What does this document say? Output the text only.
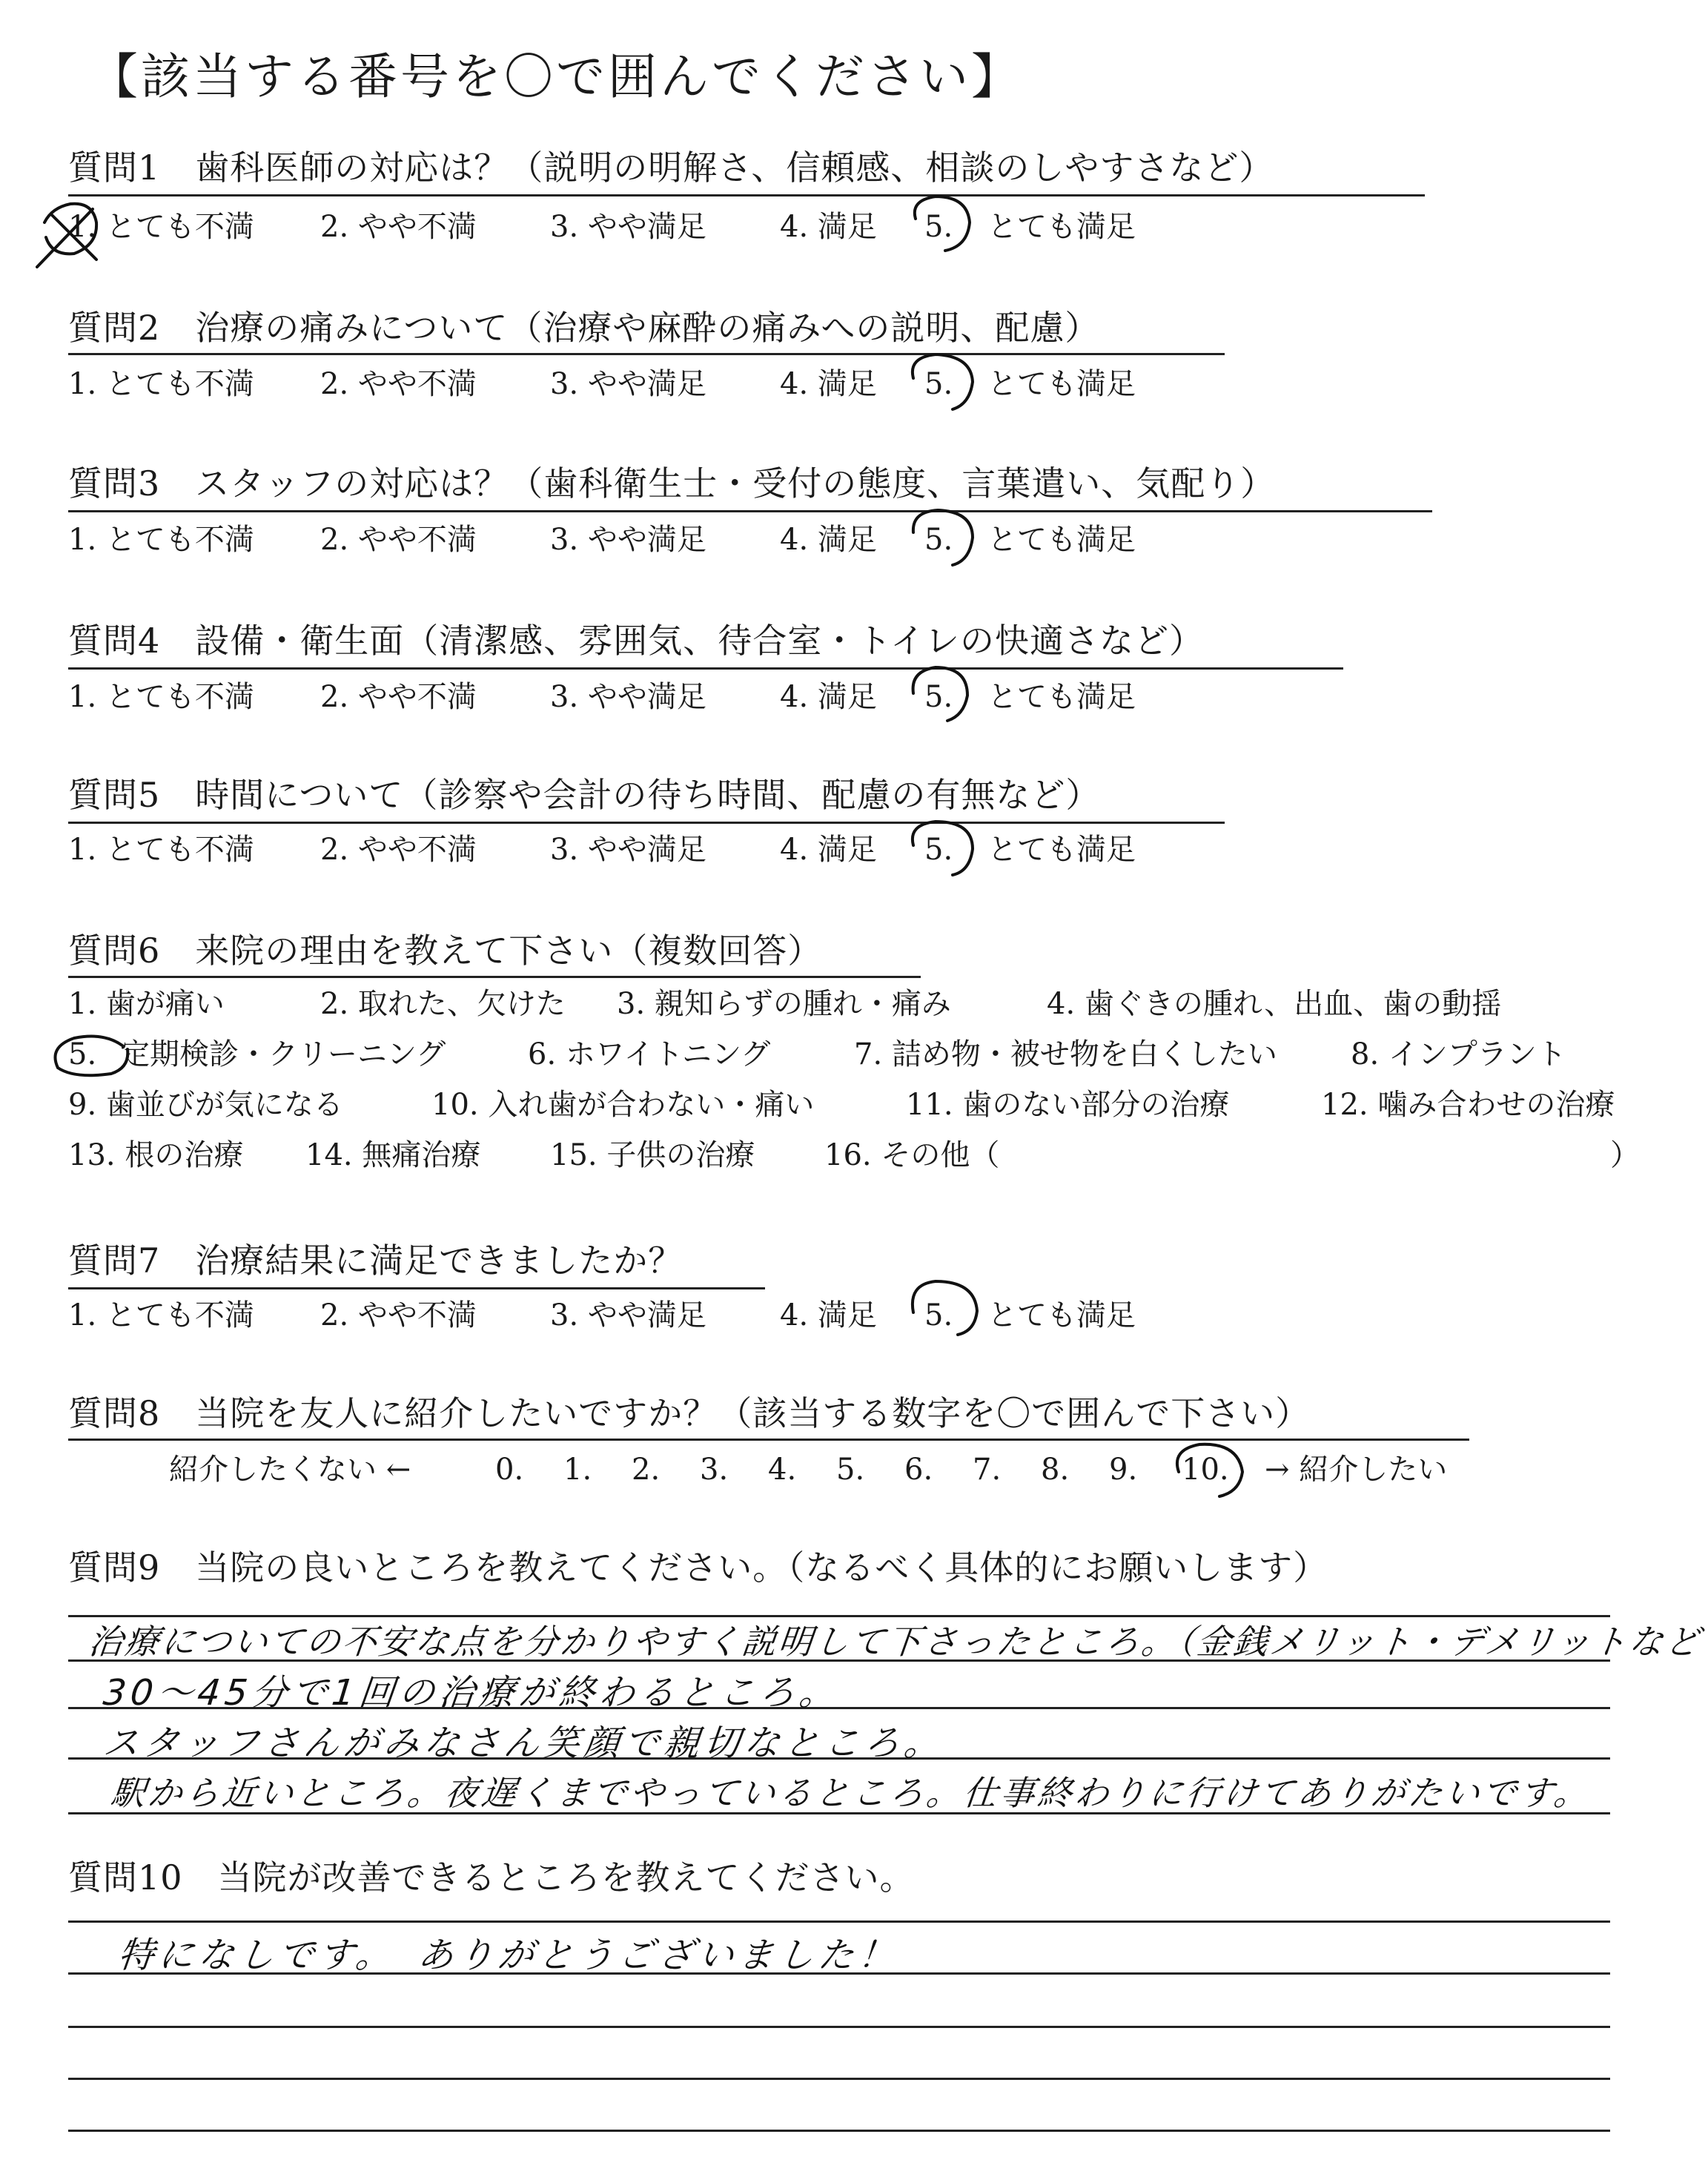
【該当する番号を〇で囲んでください】
質問1　歯科医師の対応は？（説明の明解さ、信頼感、相談のしやすさなど）
1. とても不満 2. やや不満 3. やや満足 4. 満足 5. とても満足
質問2　治療の痛みについて（治療や麻酔の痛みへの説明、配慮）
1. とても不満 2. やや不満 3. やや満足 4. 満足 5. とても満足
質問3　スタッフの対応は？（歯科衛生士・受付の態度、言葉遣い、気配り）
1. とても不満 2. やや不満 3. やや満足 4. 満足 5. とても満足
質問4　設備・衛生面（清潔感、雰囲気、待合室・トイレの快適さなど）
1. とても不満 2. やや不満 3. やや満足 4. 満足 5. とても満足
質問5　時間について（診察や会計の待ち時間、配慮の有無など）
1. とても不満 2. やや不満 3. やや満足 4. 満足 5. とても満足
質問6　来院の理由を教えて下さい（複数回答）
1. 歯が痛い	2. 取れた、欠けた 3. 親知らずの腫れ・痛み	4. 歯ぐきの腫れ、出血、歯の動揺
5. 定期検診・クリーニング	6. ホワイトニング	7. 詰め物・被せ物を白くしたい 8. インプラント
9. 歯並びが気になる	10. 入れ歯が合わない・痛い	11. 歯のない部分の治療	12. 噛み合わせの治療
13. 根の治療 14. 無痛治療 15. 子供の治療 16. その他（	）
質問7　治療結果に満足できましたか？
1. とても不満 2. やや不満 3. やや満足 4. 満足 5. とても満足
質問8　当院を友人に紹介したいですか？（該当する数字を〇で囲んで下さい）
紹介したくない ←	0. 1. 2. 3. 4. 5. 6. 7. 8. 9. 10. → 紹介したい
質問9　当院の良いところを教えてください。（なるべく具体的にお願いします）
治療についての不安な点を分かりやすく説明して下さったところ。（金銭メリット・デメリットなど
30～45分で1回の治療が終わるところ。
スタッフさんがみなさん笑顔で親切なところ。
駅から近いところ。夜遅くまでやっているところ。仕事終わりに行けてありがたいです。
質問10　当院が改善できるところを教えてください。
特になしです。　ありがとうございました！
